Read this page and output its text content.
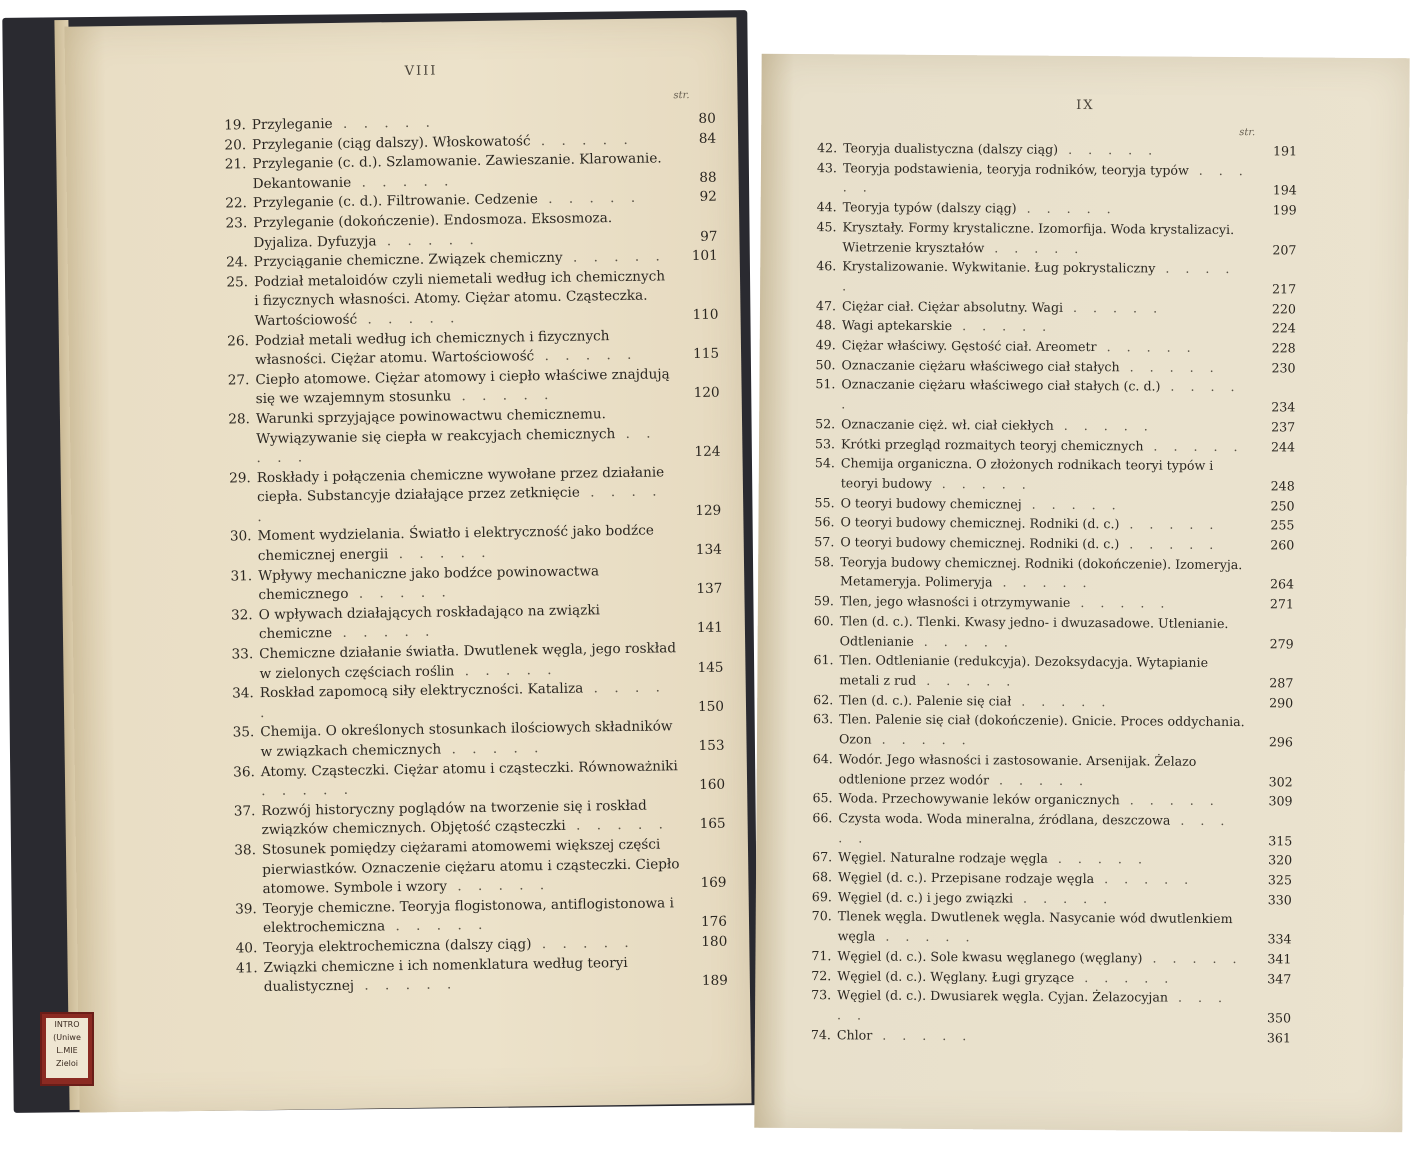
VIII
str.
19. Przyleganie . . . . .	80
20. Przyleganie (ciąg dalszy). Włoskowatość . . . . .	84
21. Przyleganie (c. d.). Szlamowanie. Zawieszanie. Klarowanie. Dekantowanie . . . . .	88
22. Przyleganie (c. d.). Filtrowanie. Cedzenie . . . . .	92
23. Przyleganie (dokończenie). Endosmoza. Eksosmoza. Dyjaliza. Dyfuzyja . . . . .	97
24. Przyciąganie chemiczne. Związek chemiczny . . . . .	101
25. Podział metaloidów czyli niemetali według ich chemicznych i fizycznych własności. Atomy. Ciężar atomu. Cząsteczka. Wartościowość . . . . .	110
26. Podział metali według ich chemicznych i fizycznych własności. Ciężar atomu. Wartościowość . . . . .	115
27. Ciepło atomowe. Ciężar atomowy i ciepło właściwe znajdują się we wzajemnym stosunku . . . . .	120
28. Warunki sprzyjające powinowactwu chemicznemu. Wywiązywanie się ciepła w reakcyjach chemicznych . . . . .	124
29. Roskłady i połączenia chemiczne wywołane przez działanie ciepła. Substancyje działające przez zetknięcie . . . . .	129
30. Moment wydzielania. Światło i elektryczność jako bodźce chemicznej energii . . . . .	134
31. Wpływy mechaniczne jako bodźce powinowactwa chemicznego . . . . .	137
32. O wpływach działających roskładająco na związki chemiczne . . . . .	141
33. Chemiczne działanie światła. Dwutlenek węgla, jego roskład w zielonych częściach roślin . . . . .	145
34. Roskład zapomocą siły elektryczności. Kataliza . . . . .	150
35. Chemija. O określonych stosunkach ilościowych składników w związkach chemicznych . . . . .	153
36. Atomy. Cząsteczki. Ciężar atomu i cząsteczki. Równoważniki . . . . .	160
37. Rozwój historyczny poglądów na tworzenie się i roskład związków chemicznych. Objętość cząsteczki . . . . .	165
38. Stosunek pomiędzy ciężarami atomowemi większej części pierwiastków. Oznaczenie ciężaru atomu i cząsteczki. Ciepło atomowe. Symbole i wzory . . . . .	169
39. Teoryje chemiczne. Teoryja flogistonowa, antiflogistonowa i elektrochemiczna . . . . .	176
40. Teoryja elektrochemiczna (dalszy ciąg) . . . . .	180
41. Związki chemiczne i ich nomenklatura według teoryi dualistycznej . . . . .	189
IX
str.
42. Teoryja dualistyczna (dalszy ciąg) . . . . .	191
43. Teoryja podstawienia, teoryja rodników, teoryja typów . . . . .	194
44. Teoryja typów (dalszy ciąg) . . . . .	199
45. Kryształy. Formy krystaliczne. Izomorfija. Woda krystalizacyi. Wietrzenie kryształów . . . . .	207
46. Krystalizowanie. Wykwitanie. Ług pokrystaliczny . . . . .	217
47. Ciężar ciał. Ciężar absolutny. Wagi . . . . .	220
48. Wagi aptekarskie . . . . .	224
49. Ciężar właściwy. Gęstość ciał. Areometr . . . . .	228
50. Oznaczanie ciężaru właściwego ciał stałych . . . . .	230
51. Oznaczanie ciężaru właściwego ciał stałych (c. d.) . . . . .	234
52. Oznaczanie cięż. wł. ciał ciekłych . . . . .	237
53. Krótki przegląd rozmaitych teoryj chemicznych . . . . .	244
54. Chemija organiczna. O złożonych rodnikach teoryi typów i teoryi budowy . . . . .	248
55. O teoryi budowy chemicznej . . . . .	250
56. O teoryi budowy chemicznej. Rodniki (d. c.) . . . . .	255
57. O teoryi budowy chemicznej. Rodniki (d. c.) . . . . .	260
58. Teoryja budowy chemicznej. Rodniki (dokończenie). Izomeryja. Metameryja. Polimeryja . . . . .	264
59. Tlen, jego własności i otrzymywanie . . . . .	271
60. Tlen (d. c.). Tlenki. Kwasy jedno- i dwuzasadowe. Utlenianie. Odtlenianie . . . . .	279
61. Tlen. Odtlenianie (redukcyja). Dezoksydacyja. Wytapianie metali z rud . . . . .	287
62. Tlen (d. c.). Palenie się ciał . . . . .	290
63. Tlen. Palenie się ciał (dokończenie). Gnicie. Proces oddychania. Ozon . . . . .	296
64. Wodór. Jego własności i zastosowanie. Arsenijak. Żelazo odtlenione przez wodór . . . . .	302
65. Woda. Przechowywanie leków organicznych . . . . .	309
66. Czysta woda. Woda mineralna, źródlana, deszczowa . . . . .	315
67. Węgiel. Naturalne rodzaje węgla . . . . .	320
68. Węgiel (d. c.). Przepisane rodzaje węgla . . . . .	325
69. Węgiel (d. c.) i jego związki . . . . .	330
70. Tlenek węgla. Dwutlenek węgla. Nasycanie wód dwutlenkiem węgla . . . . .	334
71. Węgiel (d. c.). Sole kwasu węglanego (węglany) . . . . .	341
72. Węgiel (d. c.). Węglany. Ługi gryzące . . . . .	347
73. Węgiel (d. c.). Dwusiarek węgla. Cyjan. Żelazocyjan . . . . .	350
74. Chlor . . . . .	361
INTRO
(Uniwe
L.MIE
Zieloi
